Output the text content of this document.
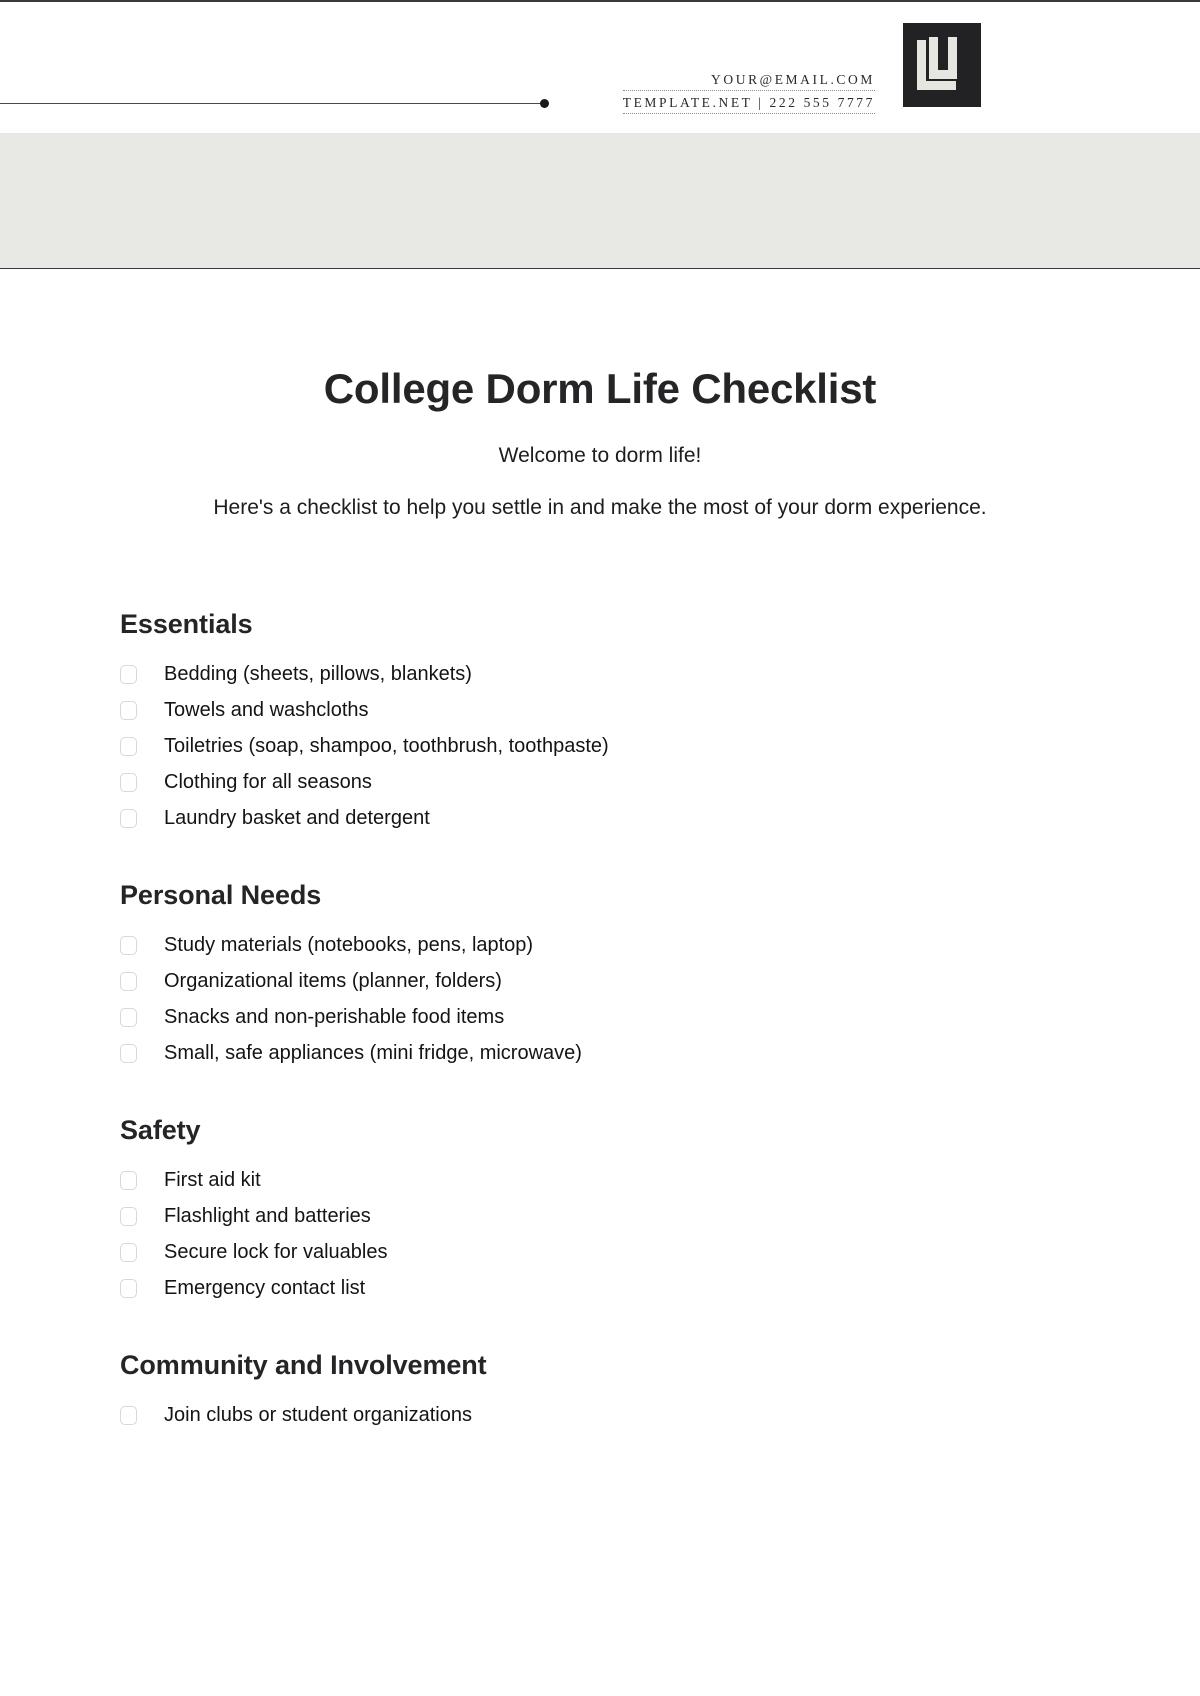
YOUR@EMAIL.COM
TEMPLATE.NET | 222 555 7777
College Dorm Life Checklist

Welcome to dorm life!

Here's a checklist to help you settle in and make the most of your dorm experience.

Essentials
Bedding (sheets, pillows, blankets)
Towels and washcloths
Toiletries (soap, shampoo, toothbrush, toothpaste)
Clothing for all seasons
Laundry basket and detergent
Personal Needs
Study materials (notebooks, pens, laptop)
Organizational items (planner, folders)
Snacks and non-perishable food items
Small, safe appliances (mini fridge, microwave)
Safety
First aid kit
Flashlight and batteries
Secure lock for valuables
Emergency contact list
Community and Involvement
Join clubs or student organizations
